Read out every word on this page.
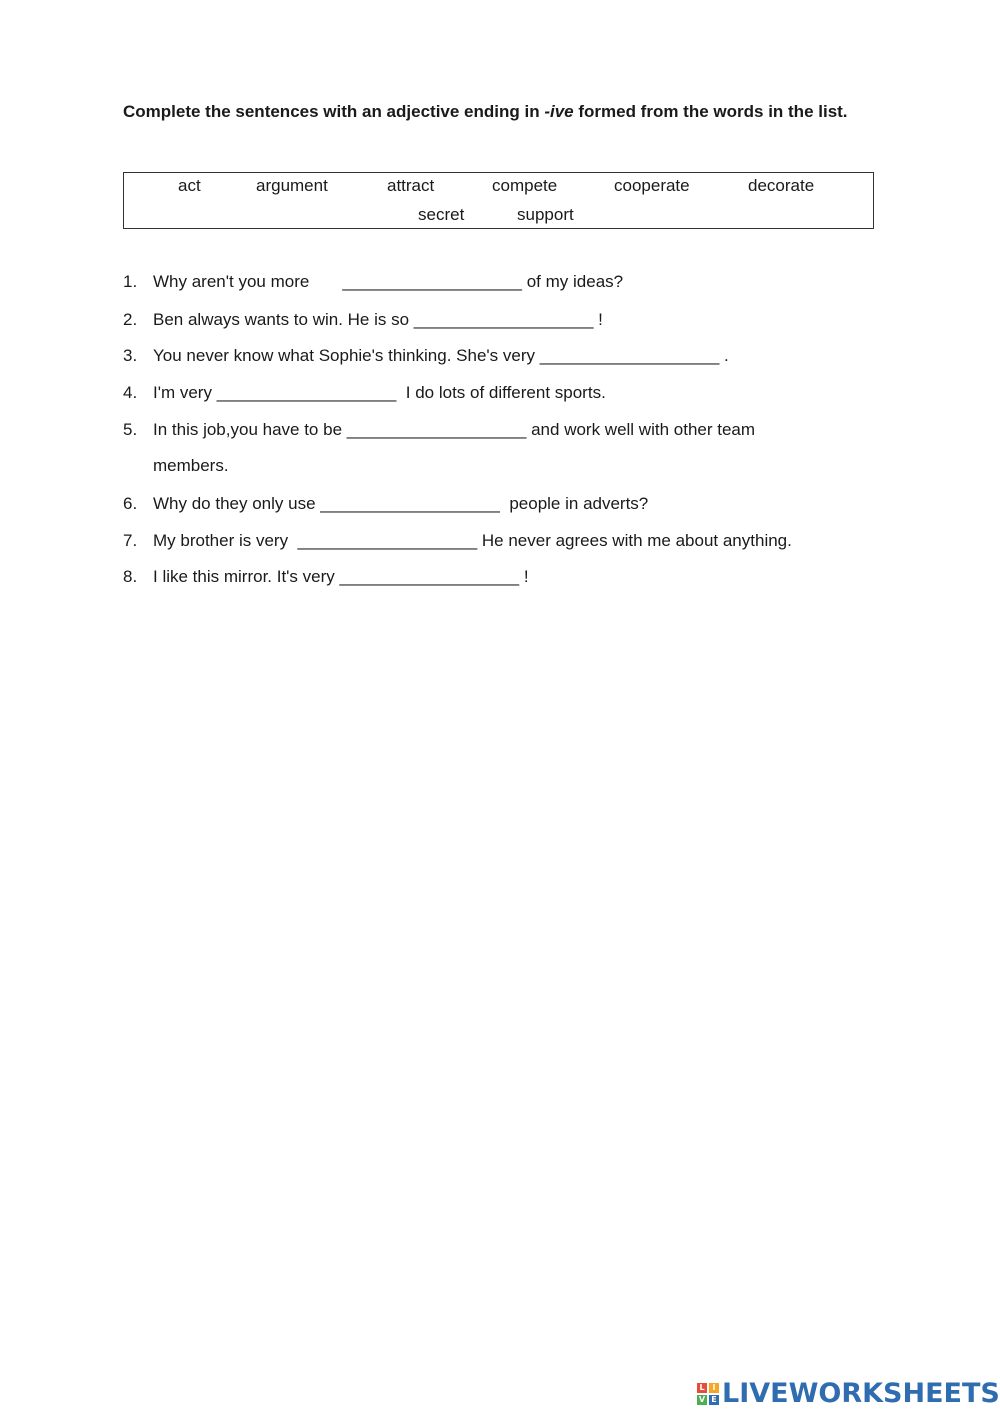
Complete the sentences with an adjective ending in -ive formed from the words in the list.
act	argument	attract	compete	cooperate	decorate
secret	support
1. Why aren't you more       ___________________ of my ideas?
2. Ben always wants to win. He is so ___________________ !
3. You never know what Sophie's thinking. She's very ___________________ .
4. I'm very ___________________  I do lots of different sports.
5. In this job,you have to be ___________________ and work well with other team
members.
6. Why do they only use ___________________  people in adverts?
7. My brother is very  ___________________ He never agrees with me about anything.
8. I like this mirror. It's very ___________________ !
L I
V E LIVEWORKSHEETS
